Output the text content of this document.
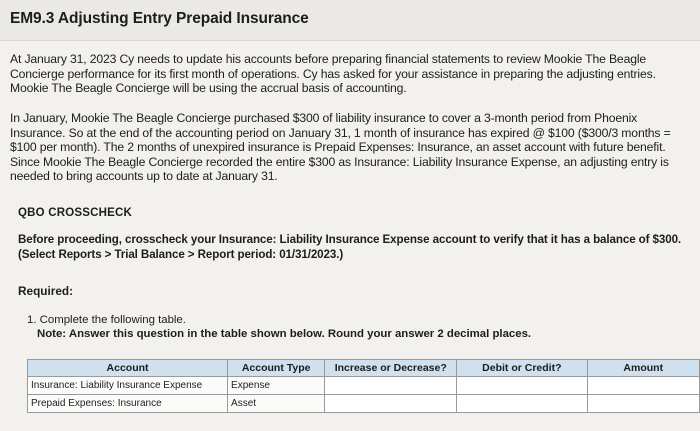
EM9.3 Adjusting Entry Prepaid Insurance
At January 31, 2023 Cy needs to update his accounts before preparing financial statements to review Mookie The Beagle Concierge performance for its first month of operations. Cy has asked for your assistance in preparing the adjusting entries. Mookie The Beagle Concierge will be using the accrual basis of accounting.
In January, Mookie The Beagle Concierge purchased $300 of liability insurance to cover a 3-month period from Phoenix Insurance. So at the end of the accounting period on January 31, 1 month of insurance has expired @ $100 ($300/3 months = $100 per month). The 2 months of unexpired insurance is Prepaid Expenses: Insurance, an asset account with future benefit. Since Mookie The Beagle Concierge recorded the entire $300 as Insurance: Liability Insurance Expense, an adjusting entry is needed to bring accounts up to date at January 31.
QBO CROSSCHECK
Before proceeding, crosscheck your Insurance: Liability Insurance Expense account to verify that it has a balance of $300. (Select Reports > Trial Balance > Report period: 01/31/2023.)
Required:
1. Complete the following table.
Note: Answer this question in the table shown below. Round your answer 2 decimal places.
Account	Account Type	Increase or Decrease?	Debit or Credit?	Amount
Insurance: Liability Insurance Expense	Expense	

Prepaid Expenses: Insurance	Asset	
